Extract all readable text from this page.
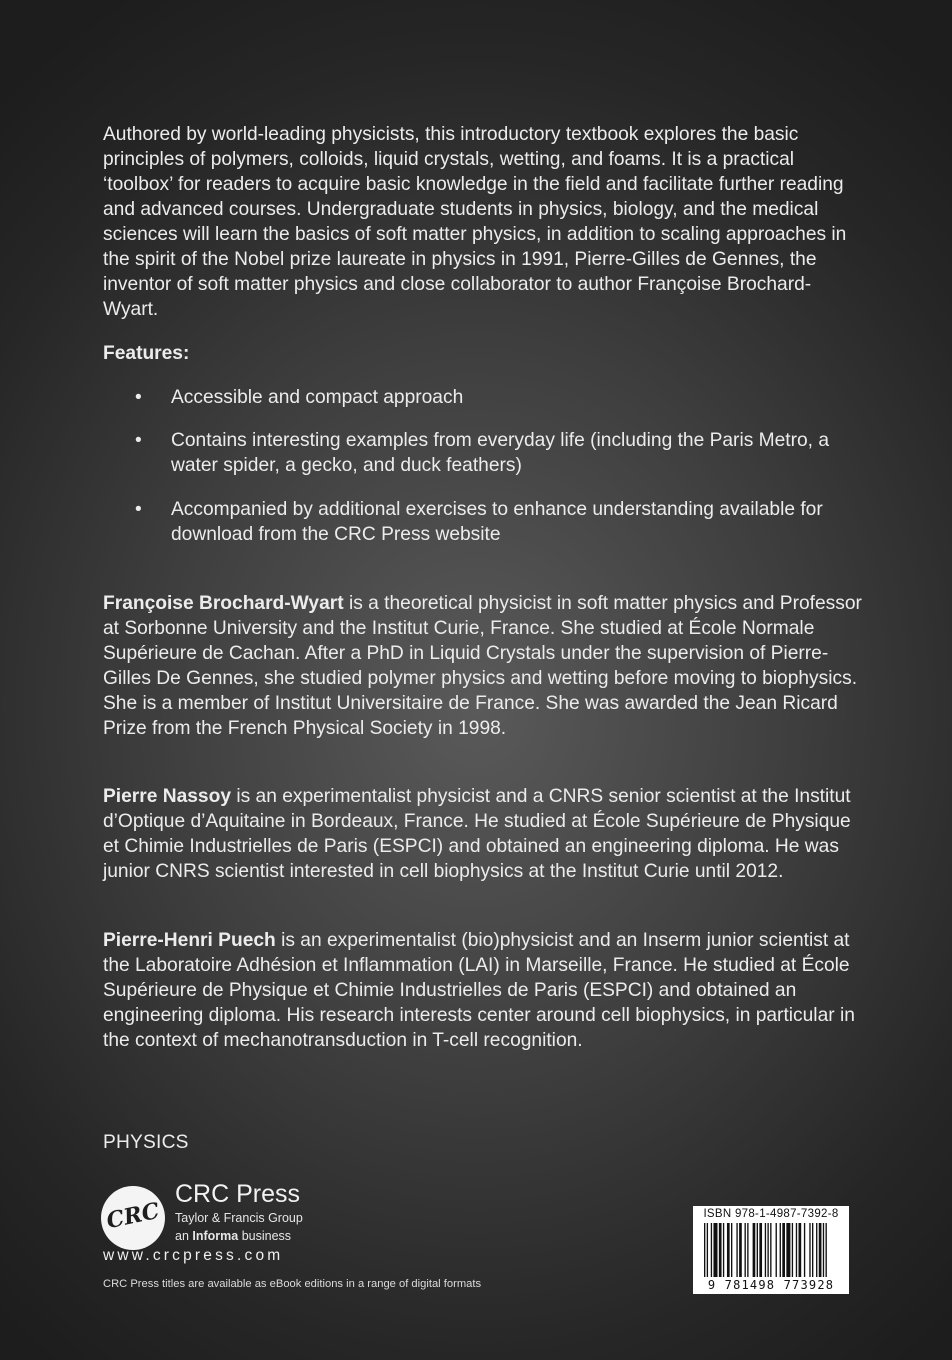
Authored by world-leading physicists, this introductory textbook explores the basic principles of polymers, colloids, liquid crystals, wetting, and foams. It is a practical ‘toolbox’ for readers to acquire basic knowledge in the field and facilitate further reading and advanced courses. Undergraduate students in physics, biology, and the medical sciences will learn the basics of soft matter physics, in addition to scaling approaches in the spirit of the Nobel prize laureate in physics in 1991, Pierre-Gilles de Gennes, the inventor of soft matter physics and close collaborator to author Françoise Brochard-Wyart.

Features:
• Accessible and compact approach
• Contains interesting examples from everyday life (including the Paris Metro, a water spider, a gecko, and duck feathers)
• Accompanied by additional exercises to enhance understanding available for download from the CRC Press website

Françoise Brochard-Wyart is a theoretical physicist in soft matter physics and Professor at Sorbonne University and the Institut Curie, France. She studied at École Normale Supérieure de Cachan. After a PhD in Liquid Crystals under the supervision of Pierre-Gilles De Gennes, she studied polymer physics and wetting before moving to biophysics. She is a member of Institut Universitaire de France. She was awarded the Jean Ricard Prize from the French Physical Society in 1998.

Pierre Nassoy is an experimentalist physicist and a CNRS senior scientist at the Institut d’Optique d’Aquitaine in Bordeaux, France. He studied at École Supérieure de Physique et Chimie Industrielles de Paris (ESPCI) and obtained an engineering diploma. He was junior CNRS scientist interested in cell biophysics at the Institut Curie until 2012.

Pierre-Henri Puech is an experimentalist (bio)physicist and an Inserm junior scientist at the Laboratoire Adhésion et Inflammation (LAI) in Marseille, France. He studied at École Supérieure de Physique et Chimie Industrielles de Paris (ESPCI) and obtained an engineering diploma. His research interests center around cell biophysics, in particular in the context of mechanotransduction in T-cell recognition.

PHYSICS
CRC
CRC Press
Taylor & Francis Group
an Informa business
www.crcpress.com
CRC Press titles are available as eBook editions in a range of digital formats
ISBN 978-1-4987-7392-8
9 781498 773928
